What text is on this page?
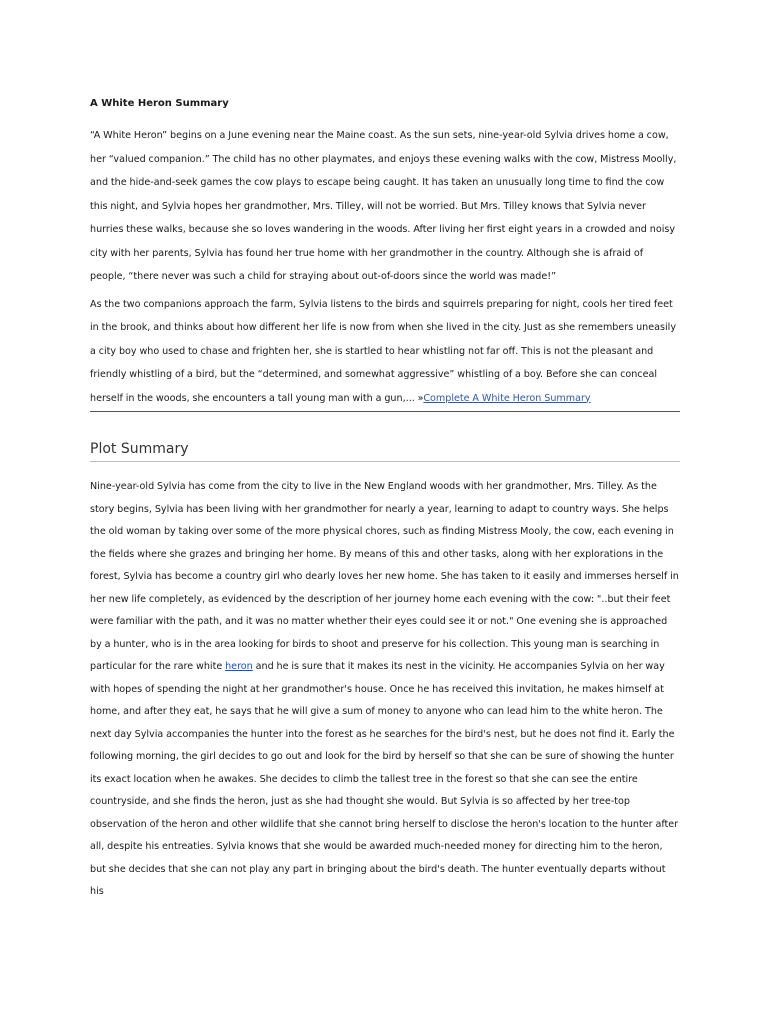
A White Heron Summary

“A White Heron” begins on a June evening near the Maine coast. As the sun sets, nine-year-old Sylvia drives home a cow, her “valued companion.” The child has no other playmates, and enjoys these evening walks with the cow, Mistress Moolly, and the hide-and-seek games the cow plays to escape being caught. It has taken an unusually long time to find the cow this night, and Sylvia hopes her grandmother, Mrs. Tilley, will not be worried. But Mrs. Tilley knows that Sylvia never hurries these walks, because she so loves wandering in the woods. After living her first eight years in a crowded and noisy city with her parents, Sylvia has found her true home with her grandmother in the country. Although she is afraid of people, “there never was such a child for straying about out-of-doors since the world was made!”

As the two companions approach the farm, Sylvia listens to the birds and squirrels preparing for night, cools her tired feet in the brook, and thinks about how different her life is now from when she lived in the city. Just as she remembers uneasily a city boy who used to chase and frighten her, she is startled to hear whistling not far off. This is not the pleasant and friendly whistling of a bird, but the “determined, and somewhat aggressive” whistling of a boy. Before she can conceal herself in the woods, she encounters a tall young man with a gun,... »Complete A White Heron Summary

Plot Summary

Nine-year-old Sylvia has come from the city to live in the New England woods with her grandmother, Mrs. Tilley. As the story begins, Sylvia has been living with her grandmother for nearly a year, learning to adapt to country ways. She helps the old woman by taking over some of the more physical chores, such as finding Mistress Mooly, the cow, each evening in the fields where she grazes and bringing her home. By means of this and other tasks, along with her explorations in the forest, Sylvia has become a country girl who dearly loves her new home. She has taken to it easily and immerses herself in her new life completely, as evidenced by the description of her journey home each evening with the cow: "..but their feet were familiar with the path, and it was no matter whether their eyes could see it or not." One evening she is approached by a hunter, who is in the area looking for birds to shoot and preserve for his collection. This young man is searching in particular for the rare white heron and he is sure that it makes its nest in the vicinity. He accompanies Sylvia on her way with hopes of spending the night at her grandmother's house. Once he has received this invitation, he makes himself at home, and after they eat, he says that he will give a sum of money to anyone who can lead him to the white heron. The next day Sylvia accompanies the hunter into the forest as he searches for the bird's nest, but he does not find it. Early the following morning, the girl decides to go out and look for the bird by herself so that she can be sure of showing the hunter its exact location when he awakes. She decides to climb the tallest tree in the forest so that she can see the entire countryside, and she finds the heron, just as she had thought she would. But Sylvia is so affected by her tree-top observation of the heron and other wildlife that she cannot bring herself to disclose the heron's location to the hunter after all, despite his entreaties. Sylvia knows that she would be awarded much-needed money for directing him to the heron, but she decides that she can not play any part in bringing about the bird's death. The hunter eventually departs without his
